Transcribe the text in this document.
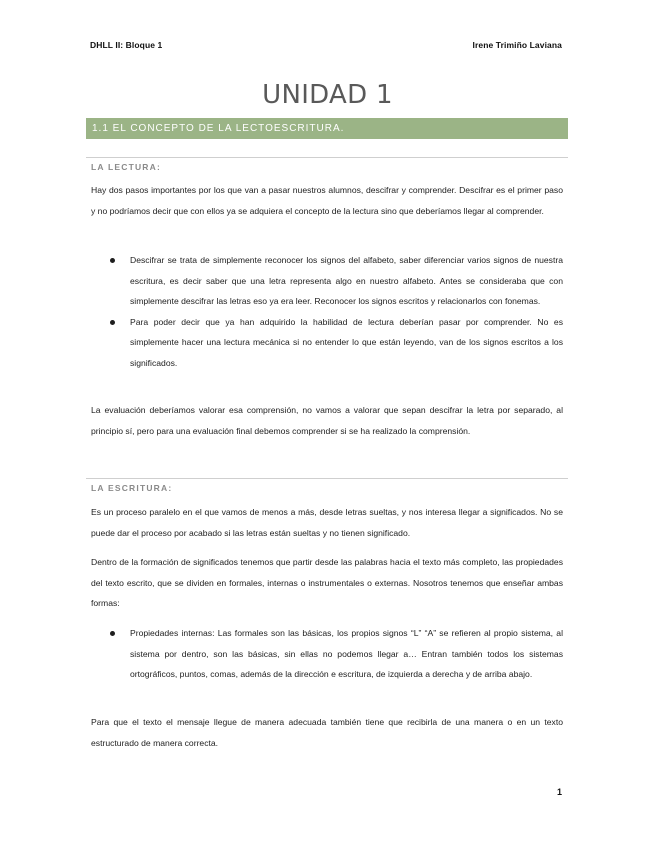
DHLL II: Bloque 1	Irene Trimiño Laviana
UNIDAD 1
1.1 EL CONCEPTO DE LA LECTOESCRITURA.
LA LECTURA:
Hay dos pasos importantes por los que van a pasar nuestros alumnos, descifrar y comprender. Descifrar es el primer paso y no podríamos decir que con ellos ya se adquiera el concepto de la lectura sino que deberíamos llegar al comprender.
Descifrar se trata de simplemente reconocer los signos del alfabeto, saber diferenciar varios signos de nuestra escritura, es decir saber que una letra representa algo en nuestro alfabeto. Antes se consideraba que con simplemente descifrar las letras eso ya era leer. Reconocer los signos escritos y relacionarlos con fonemas.
Para poder decir que ya han adquirido la habilidad de lectura deberían pasar por comprender. No es simplemente hacer una lectura mecánica si no entender lo que están leyendo, van de los signos escritos a los significados.
La evaluación deberíamos valorar esa comprensión, no vamos a valorar que sepan descifrar la letra por separado, al principio sí, pero para una evaluación final debemos comprender si se ha realizado la comprensión.
LA ESCRITURA:
Es un proceso paralelo en el que vamos de menos a más, desde letras sueltas, y nos interesa llegar a significados. No se puede dar el proceso por acabado si las letras están sueltas y no tienen significado.
Dentro de la formación de significados tenemos que partir desde las palabras hacia el texto más completo, las propiedades del texto escrito, que se dividen en formales, internas o instrumentales o externas. Nosotros tenemos que enseñar ambas formas:
Propiedades internas: Las formales son las básicas, los propios signos “L” “A” se refieren al propio sistema, al sistema por dentro, son las básicas, sin ellas no podemos llegar a… Entran también todos los sistemas ortográficos, puntos, comas, además de la dirección e escritura, de izquierda a derecha y de arriba abajo.
Para que el texto el mensaje llegue de manera adecuada también tiene que recibirla de una manera o en un texto estructurado de manera correcta.
1
